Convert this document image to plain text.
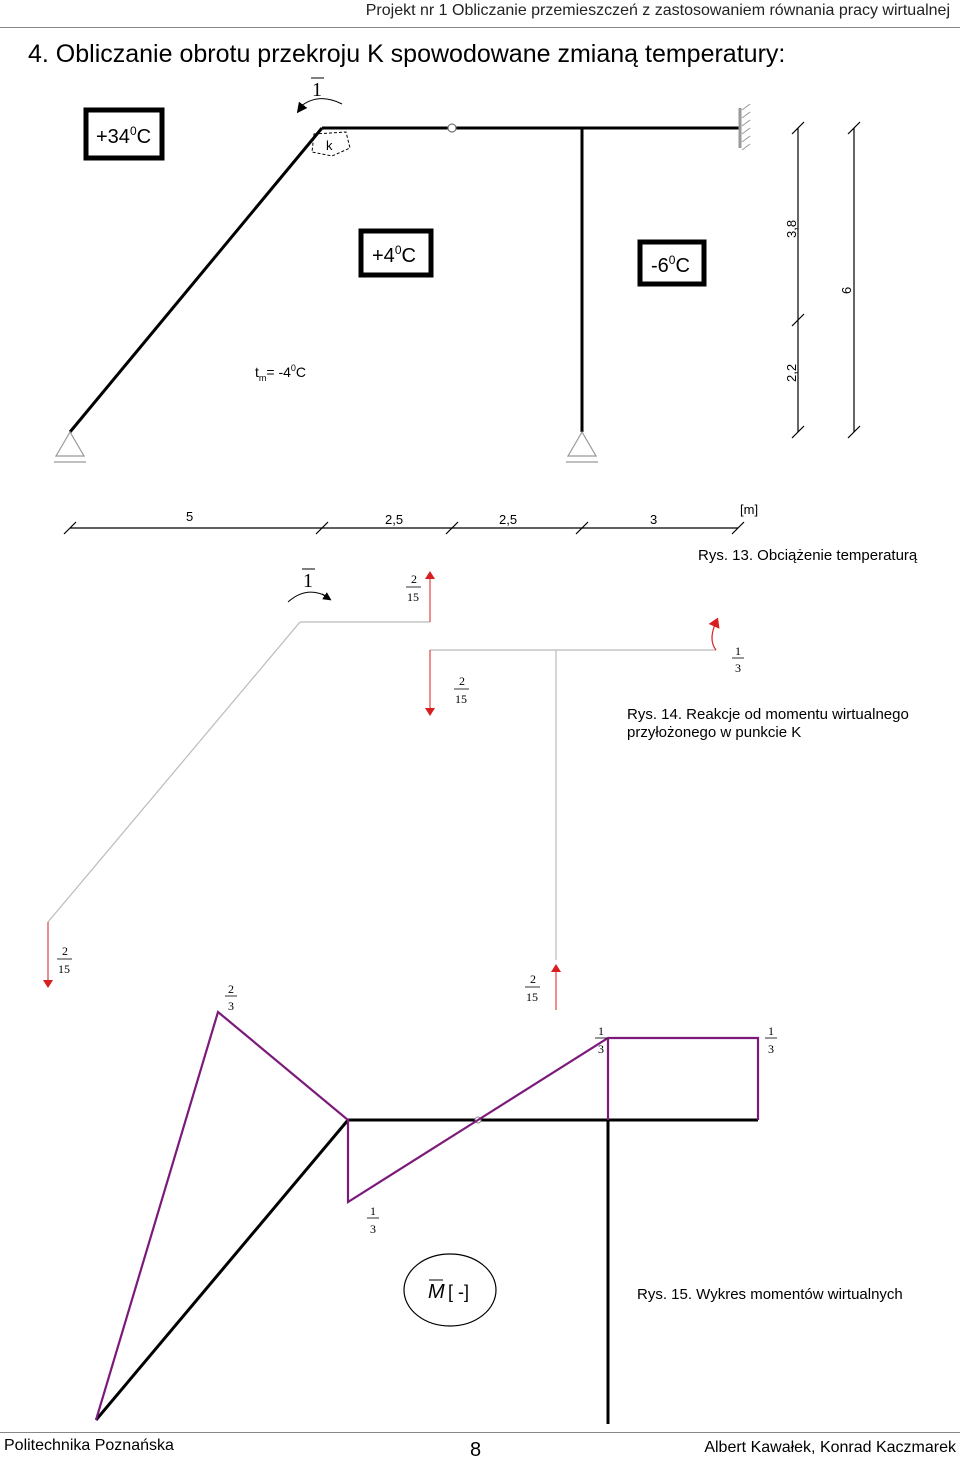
Projekt nr 1 Obliczanie przemieszczeń z zastosowaniem równania pracy wirtualnej
4. Obliczanie obrotu przekroju K spowodowane zmianą temperatury:
k
1
$+34^0C$
$+4^0C$	$-6^0C$
$t_m= -4^0C$
3,8
2,2
6
5	2,5	2,5	3
[m]
1	2
15
2
15
1
3
2
15
2
15
2
3
1
3
1
3
1
3
M [ -]
Rys. 13. Obciążenie temperaturą
Rys. 14. Reakcje od momentu wirtualnego
przyłożonego w punkcie K
Rys. 15. Wykres momentów wirtualnych
Politechnika Poznańska	8	Albert Kawałek, Konrad Kaczmarek
